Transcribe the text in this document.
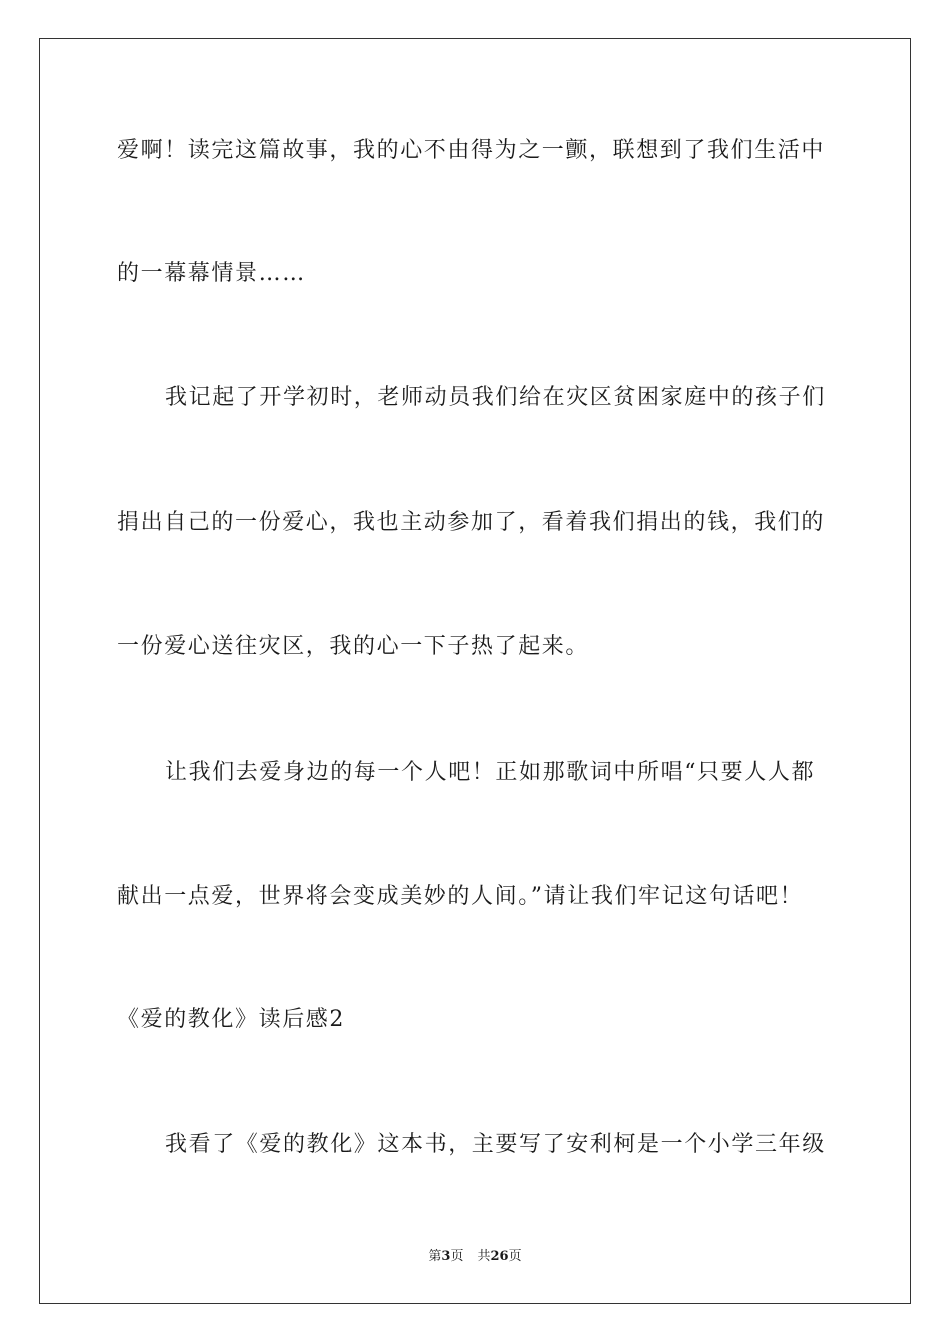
爱啊！读完这篇故事，我的心不由得为之一颤，联想到了我们生活中
的一幕幕情景……
我记起了开学初时，老师动员我们给在灾区贫困家庭中的孩子们
捐出自己的一份爱心，我也主动参加了，看着我们捐出的钱，我们的
一份爱心送往灾区，我的心一下子热了起来。
让我们去爱身边的每一个人吧！正如那歌词中所唱“只要人人都
献出一点爱，世界将会变成美妙的人间。”请让我们牢记这句话吧！
《爱的教化》读后感2
我看了《爱的教化》这本书，主要写了安利柯是一个小学三年级
第3页 共26页
